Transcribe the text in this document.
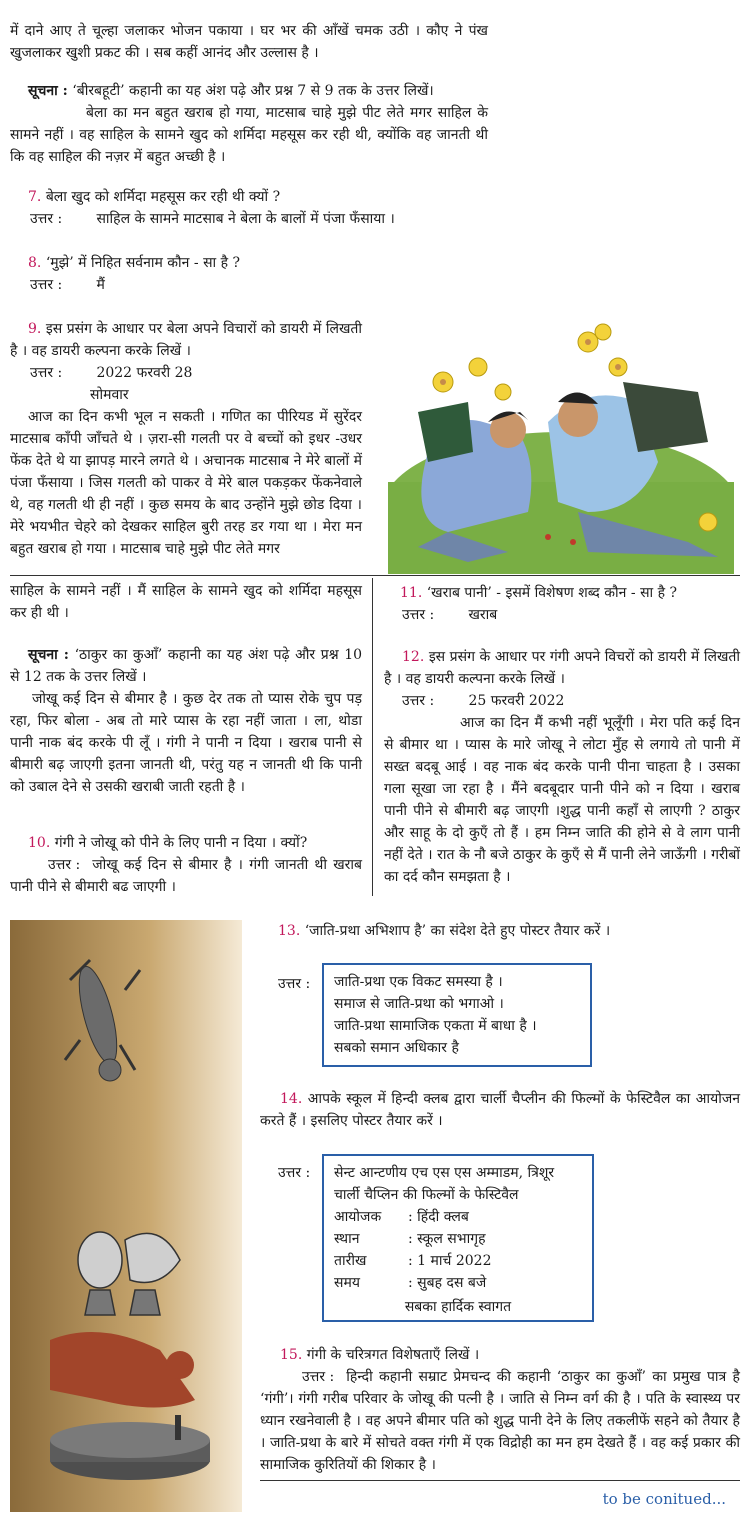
में दाने आए ते चूल्हा जलाकर भोजन पकाया । घर भर की आँखें चमक उठी । कौए ने पंख खुजलाकर खुशी प्रकट की । सब कहीं आनंद और उल्लास है ।

सूचना : ‘बीरबहूटी’ कहानी का यह अंश पढ़े और प्रश्न 7 से 9 तक के उत्तर लिखें।

बेला का मन बहुत खराब हो गया, माटसाब चाहे मुझे पीट लेते मगर साहिल के सामने नहीं । वह साहिल के सामने खुद को शर्मिदा महसूस कर रही थी, क्योंकि वह जानती थी कि वह साहिल की नज़र में बहुत अच्छी है ।

7. बेला खुद को शर्मिदा महसूस कर रही थी क्यों ?
उत्तर : साहिल के सामने माटसाब ने बेला के बालों में पंजा फँसाया ।
8. ‘मुझे’ में निहित सर्वनाम कौन - सा है ?
उत्तर : मैं

9. इस प्रसंग के आधार पर बेला अपने विचारों को डायरी में लिखती है । वह डायरी कल्पना करके लिखें ।

उत्तर : 2022 फरवरी 28
सोमवार

आज का दिन कभी भूल न सकती । गणित का पीरियड में सुरेंदर माटसाब काँपी जाँचते थे । ज़रा-सी गलती पर वे बच्चों को इधर -उधर फेंक देते थे या झापड़ मारने लगते थे । अचानक माटसाब ने मेरे बालों में पंजा फँसाया । जिस गलती को पाकर वे मेरे बाल पकड़कर फेंकनेवाले थे, वह गलती थी ही नहीं । कुछ समय के बाद उन्होंने मुझे छोड दिया । मेरे भयभीत चेहरे को देखकर साहिल बुरी तरह डर गया था । मेरा मन बहुत खराब हो गया । माटसाब चाहे मुझे पीट लेते मगर

साहिल के सामने नहीं । मैं साहिल के सामने खुद को शर्मिदा महसूस कर ही थी ।

सूचना : ‘ठाकुर का कुआँ’ कहानी का यह अंश पढ़े और प्रश्न 10 से 12 तक के उत्तर लिखें ।

जोखू कई दिन से बीमार है । कुछ देर तक तो प्यास रोके चुप पड़ रहा, फिर बोला - अब तो मारे प्यास के रहा नहीं जाता । ला, थोडा पानी नाक बंद करके पी लूँ । गंगी ने पानी न दिया । खराब पानी से बीमारी बढ़ जाएगी इतना जानती थी, परंतु यह न जानती थी कि पानी को उबाल देने से उसकी खराबी जाती रहती है ।

10. गंगी ने जोखू को पीने के लिए पानी न दिया । क्यों?

उत्तर : जोखू कई दिन से बीमार है । गंगी जानती थी खराब पानी पीने से बीमारी बढ जाएगी ।

11. ‘खराब पानी’ - इसमें विशेषण शब्द कौन - सा है ?
उत्तर : खराब

12. इस प्रसंग के आधार पर गंगी अपने विचरों को डायरी में लिखती है । वह डायरी कल्पना करके लिखें ।

उत्तर : 25 फरवरी 2022

आज का दिन मैं कभी नहीं भूलूँगी । मेरा पति कई दिन से बीमार था । प्यास के मारे जोखू ने लोटा मुँह से लगाये तो पानी में सख्त बदबू आई । वह नाक बंद करके पानी पीना चाहता है । उसका गला सूखा जा रहा है । मैंने बदबूदार पानी पीने को न दिया । खराब पानी पीने से बीमारी बढ़ जाएगी ।शुद्ध पानी कहाँ से लाएगी ? ठाकुर और साहू के दो कुएँ तो हैं । हम निम्न जाति की होने से वे लाग पानी नहीं देते । रात के नौ बजे ठाकुर के कुएँ से मैं पानी लेने जाऊँगी । गरीबों का दर्द कौन समझता है ।

13. ‘जाति-प्रथा अभिशाप है’ का संदेश देते हुए पोस्टर तैयार करें ।
उत्तर : जाति-प्रथा एक विकट समस्या है ।
समाज से जाति-प्रथा को भगाओ ।
जाति-प्रथा सामाजिक एकता में बाधा है ।
सबको समान अधिकार है

14. आपके स्कूल में हिन्दी क्लब द्वारा चार्ली चैप्लीन की फिल्मों के फेस्टिवैल का आयोजन करते हैं । इसलिए पोस्टर तैयार करें ।

उत्तर : सेन्ट आन्टणीय एच एस एस अम्माडम, त्रिशूर
चार्ली चैप्लिन की फिल्मों के फेस्टिवैल
आयोजक	: हिंदी क्लब
स्थान	: स्कूल सभागृह
तारीख	: 1 मार्च 2022
समय	: सुबह दस बजे
सबका हार्दिक स्वागत

15. गंगी के चरित्रगत विशेषताएँ लिखें ।

उत्तर : हिन्दी कहानी सम्राट प्रेमचन्द की कहानी ‘ठाकुर का कुआँ’ का प्रमुख पात्र है ‘गंगी’। गंगी गरीब परिवार के जोखू की पत्नी है । जाति से निम्न वर्ग की है । पति के स्वास्थ्य पर ध्यान रखनेवाली है । वह अपने बीमार पति को शुद्ध पानी देने के लिए तकलीफें सहने को तैयार है । जाति-प्रथा के बारे में सोचते वक्त गंगी में एक विद्रोही का मन हम देखते हैं । वह कई प्रकार की सामाजिक कुरितियों की शिकार है ।

to be conitued...
